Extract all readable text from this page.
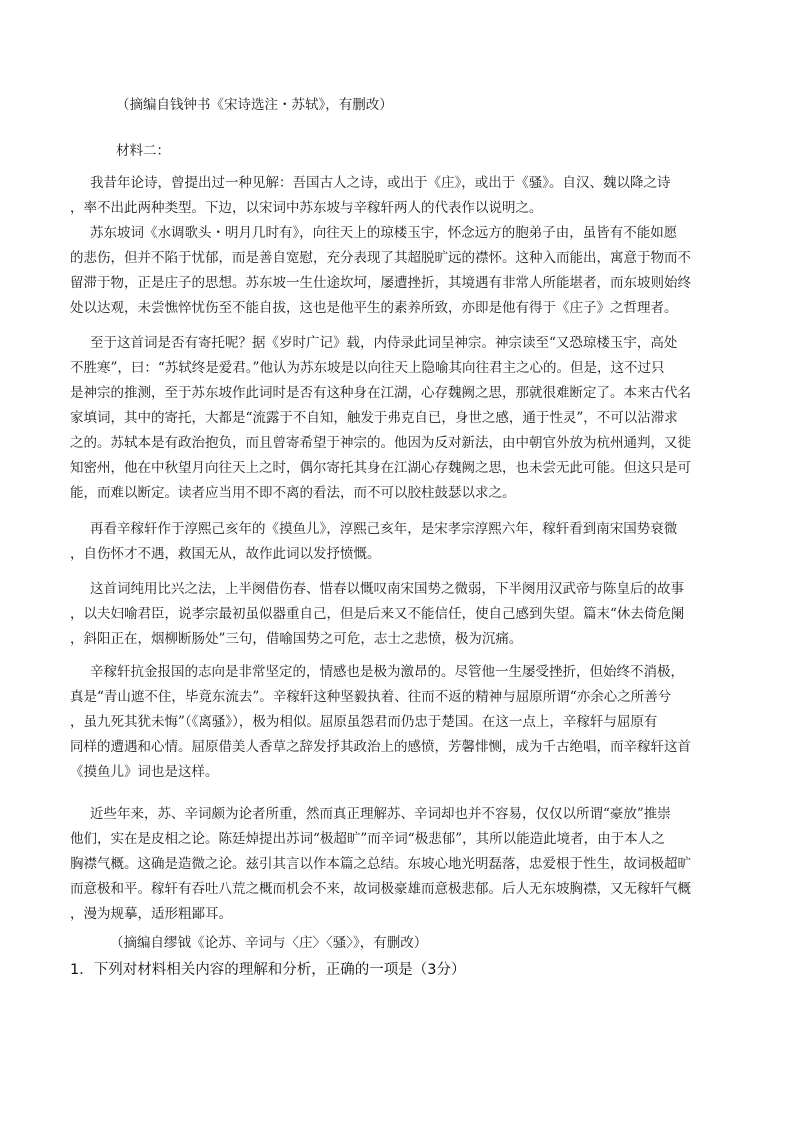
（摘编自钱钟书《宋诗选注・苏轼》，有删改）
材料二：
我昔年论诗，曾提出过一种见解：吾国古人之诗，或出于《庄》，或出于《骚》。自汉、魏以降之诗
，率不出此两种类型。下边，以宋词中苏东坡与辛稼轩两人的代表作以说明之。
苏东坡词《水调歌头・明月几时有》，向往天上的琼楼玉宇，怀念远方的胞弟子由，虽皆有不能如愿
的悲伤，但并不陷于忧郁，而是善自宽慰，充分表现了其超脱旷远的襟怀。这种入而能出，寓意于物而不
留滞于物，正是庄子的思想。苏东坡一生仕途坎坷，屡遭挫折，其境遇有非常人所能堪者，而东坡则始终
处以达观，未尝憔悴忧伤至不能自拔，这也是他平生的素养所致，亦即是他有得于《庄子》之哲理者。
至于这首词是否有寄托呢？据《岁时广记》载，内侍录此词呈神宗。神宗读至“又恐琼楼玉宇，高处
不胜寒”，曰：“苏轼终是爱君。”他认为苏东坡是以向往天上隐喻其向往君主之心的。但是，这不过只
是神宗的推测，至于苏东坡作此词时是否有这种身在江湖，心存魏阙之思，那就很难断定了。本来古代名
家填词，其中的寄托，大都是“流露于不自知，触发于弗克自已，身世之感，通于性灵”，不可以沾滞求
之的。苏轼本是有政治抱负，而且曾寄希望于神宗的。他因为反对新法，由中朝官外放为杭州通判，又徙
知密州，他在中秋望月向往天上之时，偶尔寄托其身在江湖心存魏阙之思，也未尝无此可能。但这只是可
能，而难以断定。读者应当用不即不离的看法，而不可以胶柱鼓瑟以求之。
再看辛稼轩作于淳熙己亥年的《摸鱼儿》，淳熙己亥年，是宋孝宗淳熙六年，稼轩看到南宋国势衰微
，自伤怀才不遇，救国无从，故作此词以发抒愤慨。
这首词纯用比兴之法，上半阕借伤春、惜春以慨叹南宋国势之微弱，下半阕用汉武帝与陈皇后的故事
，以夫妇喻君臣，说孝宗最初虽似器重自己，但是后来又不能信任，使自己感到失望。篇末“休去倚危阑
，斜阳正在，烟柳断肠处”三句，借喻国势之可危，志士之悲愤，极为沉痛。
辛稼轩抗金报国的志向是非常坚定的，情感也是极为激昂的。尽管他一生屡受挫折，但始终不消极，
真是“青山遮不住，毕竟东流去”。辛稼轩这种坚毅执着、往而不返的精神与屈原所谓“亦余心之所善兮
，虽九死其犹未悔”（《离骚》），极为相似。屈原虽怨君而仍忠于楚国。在这一点上，辛稼轩与屈原有
同样的遭遇和心情。屈原借美人香草之辞发抒其政治上的感愤，芳馨悱恻，成为千古绝唱，而辛稼轩这首
《摸鱼儿》词也是这样。
近些年来，苏、辛词颇为论者所重，然而真正理解苏、辛词却也并不容易，仅仅以所谓“豪放”推崇
他们，实在是皮相之论。陈廷焯提出苏词“极超旷”而辛词“极悲郁”，其所以能造此境者，由于本人之
胸襟气概。这确是造微之论。兹引其言以作本篇之总结。东坡心地光明磊落，忠爱根于性生，故词极超旷
而意极和平。稼轩有吞吐八荒之概而机会不来，故词极豪雄而意极悲郁。后人无东坡胸襟，又无稼轩气概
，漫为规摹，适形粗鄙耳。
（摘编自缪钺《论苏、辛词与〈庄〉〈骚〉》，有删改）
1．下列对材料相关内容的理解和分析，正确的一项是（3分）
